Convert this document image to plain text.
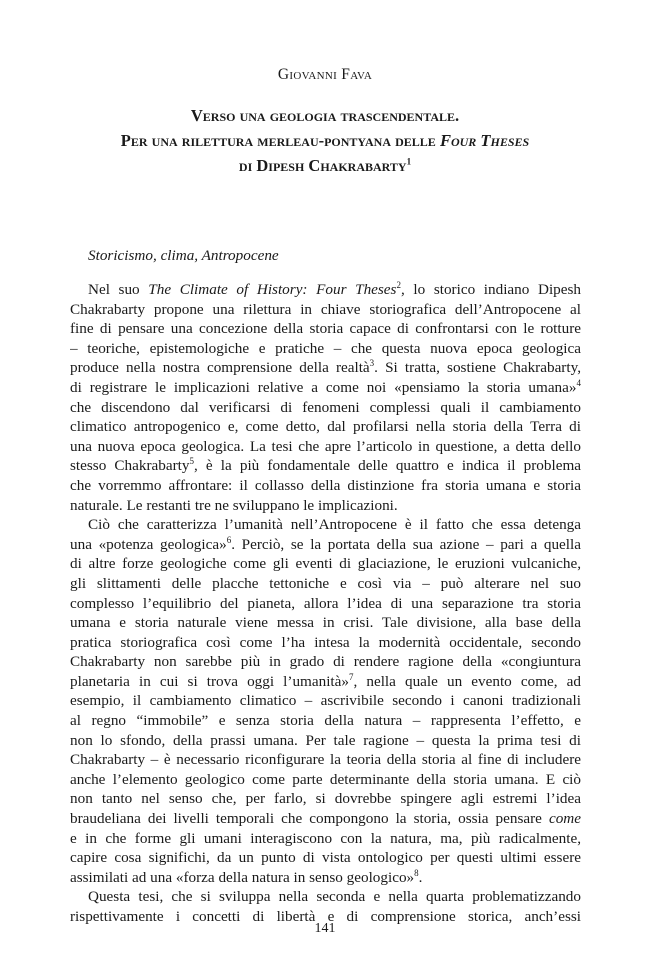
Giovanni Fava
Verso una geologia trascendentale.
Per una rilettura merleau-pontyana delle Four Theses
di Dipesh Chakrabarty$^1$
Storicismo, clima, Antropocene
Nel suo The Climate of History: Four Theses$^2$, lo storico indiano Dipesh
Chakrabarty propone una rilettura in chiave storiografica dell’Antropocene al
fine di pensare una concezione della storia capace di confrontarsi con le rotture
– teoriche, epistemologiche e pratiche – che questa nuova epoca geologica
produce nella nostra comprensione della realtà$^3$. Si tratta, sostiene Chakrabarty,
di registrare le implicazioni relative a come noi «pensiamo la storia umana»$^4$
che discendono dal verificarsi di fenomeni complessi quali il cambiamento
climatico antropogenico e, come detto, dal profilarsi nella storia della Terra di
una nuova epoca geologica. La tesi che apre l’articolo in questione, a detta dello
stesso Chakrabarty$^5$, è la più fondamentale delle quattro e indica il problema
che vorremmo affrontare: il collasso della distinzione fra storia umana e storia
naturale. Le restanti tre ne sviluppano le implicazioni.
Ciò che caratterizza l’umanità nell’Antropocene è il fatto che essa detenga
una «potenza geologica»$^6$. Perciò, se la portata della sua azione – pari a quella
di altre forze geologiche come gli eventi di glaciazione, le eruzioni vulcaniche,
gli slittamenti delle placche tettoniche e così via – può alterare nel suo
complesso l’equilibrio del pianeta, allora l’idea di una separazione tra storia
umana e storia naturale viene messa in crisi. Tale divisione, alla base della
pratica storiografica così come l’ha intesa la modernità occidentale, secondo
Chakrabarty non sarebbe più in grado di rendere ragione della «congiuntura
planetaria in cui si trova oggi l’umanità»$^7$, nella quale un evento come, ad
esempio, il cambiamento climatico – ascrivibile secondo i canoni tradizionali
al regno “immobile” e senza storia della natura – rappresenta l’effetto, e
non lo sfondo, della prassi umana. Per tale ragione – questa la prima tesi di
Chakrabarty – è necessario riconfigurare la teoria della storia al fine di includere
anche l’elemento geologico come parte determinante della storia umana. E ciò
non tanto nel senso che, per farlo, si dovrebbe spingere agli estremi l’idea
braudeliana dei livelli temporali che compongono la storia, ossia pensare come
e in che forme gli umani interagiscono con la natura, ma, più radicalmente,
capire cosa significhi, da un punto di vista ontologico per questi ultimi essere
assimilati ad una «forza della natura in senso geologico»$^8$.
Questa tesi, che si sviluppa nella seconda e nella quarta problematizzando
rispettivamente i concetti di libertà e di comprensione storica, anch’essi
141
